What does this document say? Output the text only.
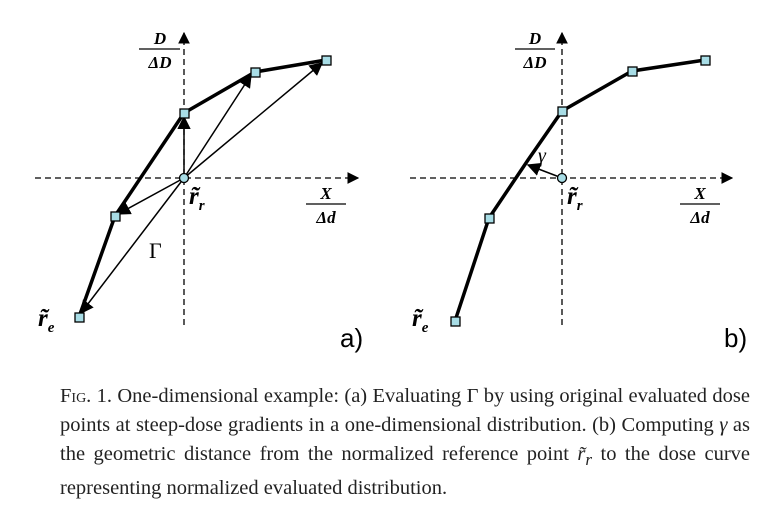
D
ΔD
X
Δd
Γ
$r̃_r$
$r̃_e$	a)
D
ΔD
X
Δd
γ
$r̃_r$
$r̃_e$	b)
Fig. 1. One-dimensional example: (a) Evaluating Γ by using original evaluated dose points at steep-dose gradients in a one-dimensional distribution. (b) Computing γ as the geometric distance from the normalized reference point $r̃_r$ to the dose curve representing normalized evaluated distribution.
